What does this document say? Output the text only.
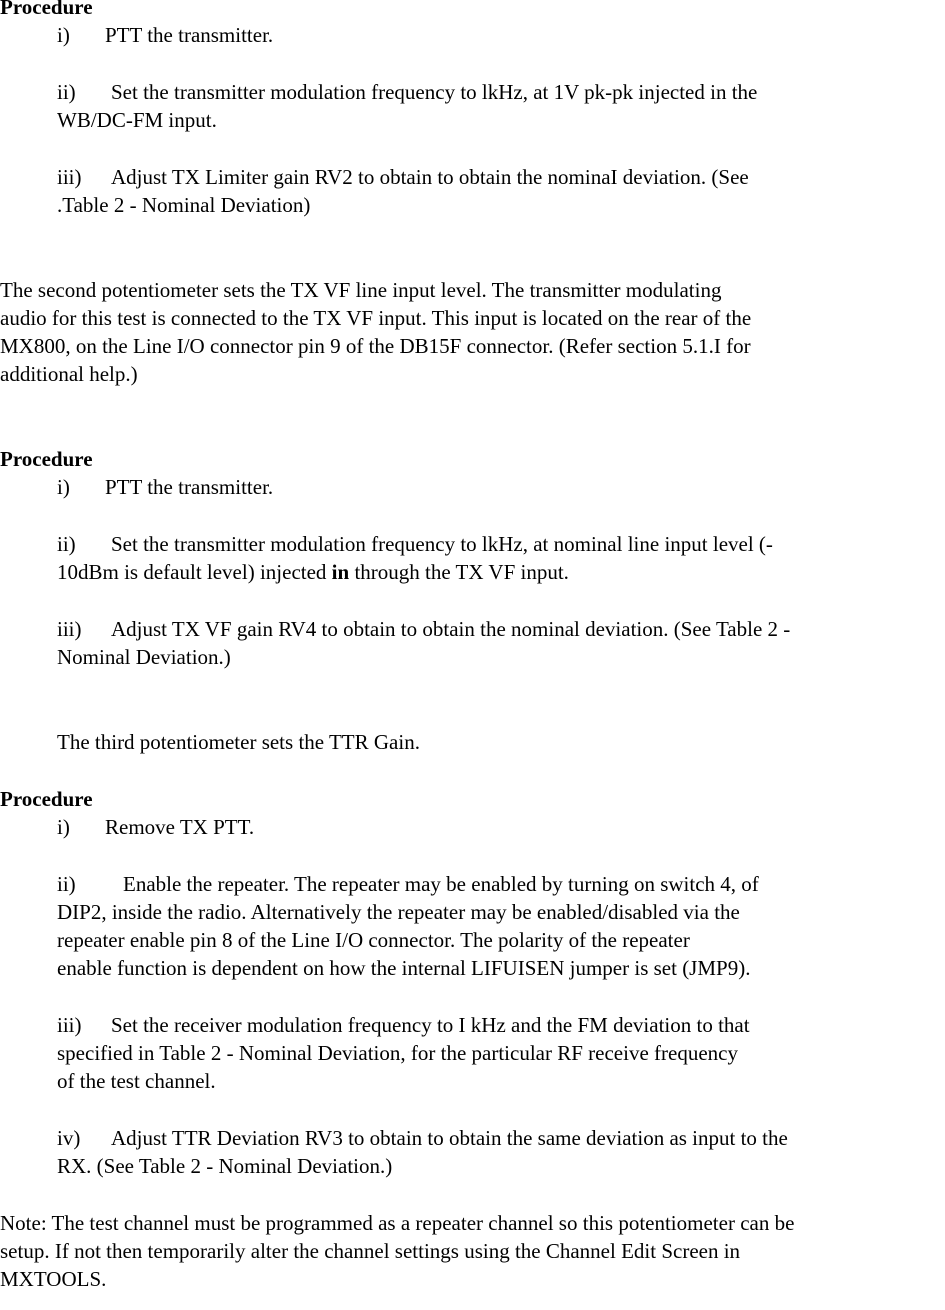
Procedure
i) PTT the transmitter.
ii) Set the transmitter modulation frequency to lkHz, at 1V pk-pk injected in the
WB/DC-FM input.
iii) Adjust TX Limiter gain RV2 to obtain to obtain the nominaI deviation. (See
.Table 2 - Nominal Deviation)
The second potentiometer sets the TX VF line input level. The transmitter modulating
audio for this test is connected to the TX VF input. This input is located on the rear of the
MX800, on the Line I/O connector pin 9 of the DB15F connector. (Refer section 5.1.I for
additional help.)
Procedure
i) PTT the transmitter.
ii) Set the transmitter modulation frequency to lkHz, at nominal line input level (-
10dBm is default level) injected in through the TX VF input.
iii) Adjust TX VF gain RV4 to obtain to obtain the nominal deviation. (See Table 2 -
Nominal Deviation.)
The third potentiometer sets the TTR Gain.
Procedure
i) Remove TX PTT.
ii) Enable the repeater. The repeater may be enabled by turning on switch 4, of
DIP2, inside the radio. Alternatively the repeater may be enabled/disabled via the
repeater enable pin 8 of the Line I/O connector. The polarity of the repeater
enable function is dependent on how the internal LIFUISEN jumper is set (JMP9).
iii) Set the receiver modulation frequency to I kHz and the FM deviation to that
specified in Table 2 - Nominal Deviation, for the particular RF receive frequency
of the test channel.
iv) Adjust TTR Deviation RV3 to obtain to obtain the same deviation as input to the
RX. (See Table 2 - Nominal Deviation.)
Note: The test channel must be programmed as a repeater channel so this potentiometer can be
setup. If not then temporarily alter the channel settings using the Channel Edit Screen in
MXTOOLS.
